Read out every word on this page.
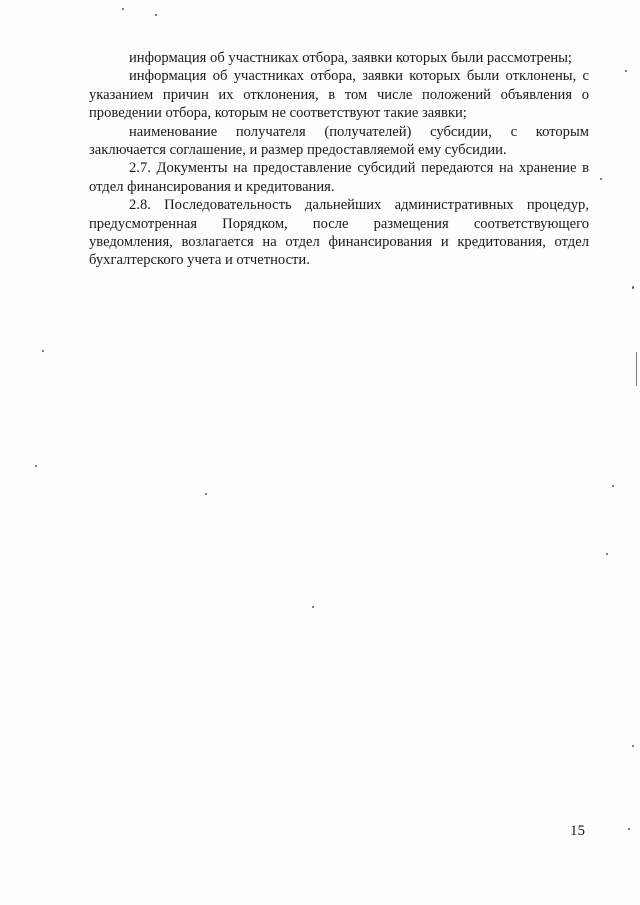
информация об участниках отбора, заявки которых были рассмотрены;

информация об участниках отбора, заявки которых были отклонены, с указанием причин их отклонения, в том числе положений объявления о проведении отбора, которым не соответствуют такие заявки;

наименование получателя (получателей) субсидии, с которым заключается соглашение, и размер предоставляемой ему субсидии.

2.7. Документы на предоставление субсидий передаются на хранение в отдел финансирования и кредитования.

2.8. Последовательность дальнейших административных процедур, предусмотренная Порядком, после размещения соответствующего уведомления, возлагается на отдел финансирования и кредитования, отдел бухгалтерского учета и отчетности.

15
